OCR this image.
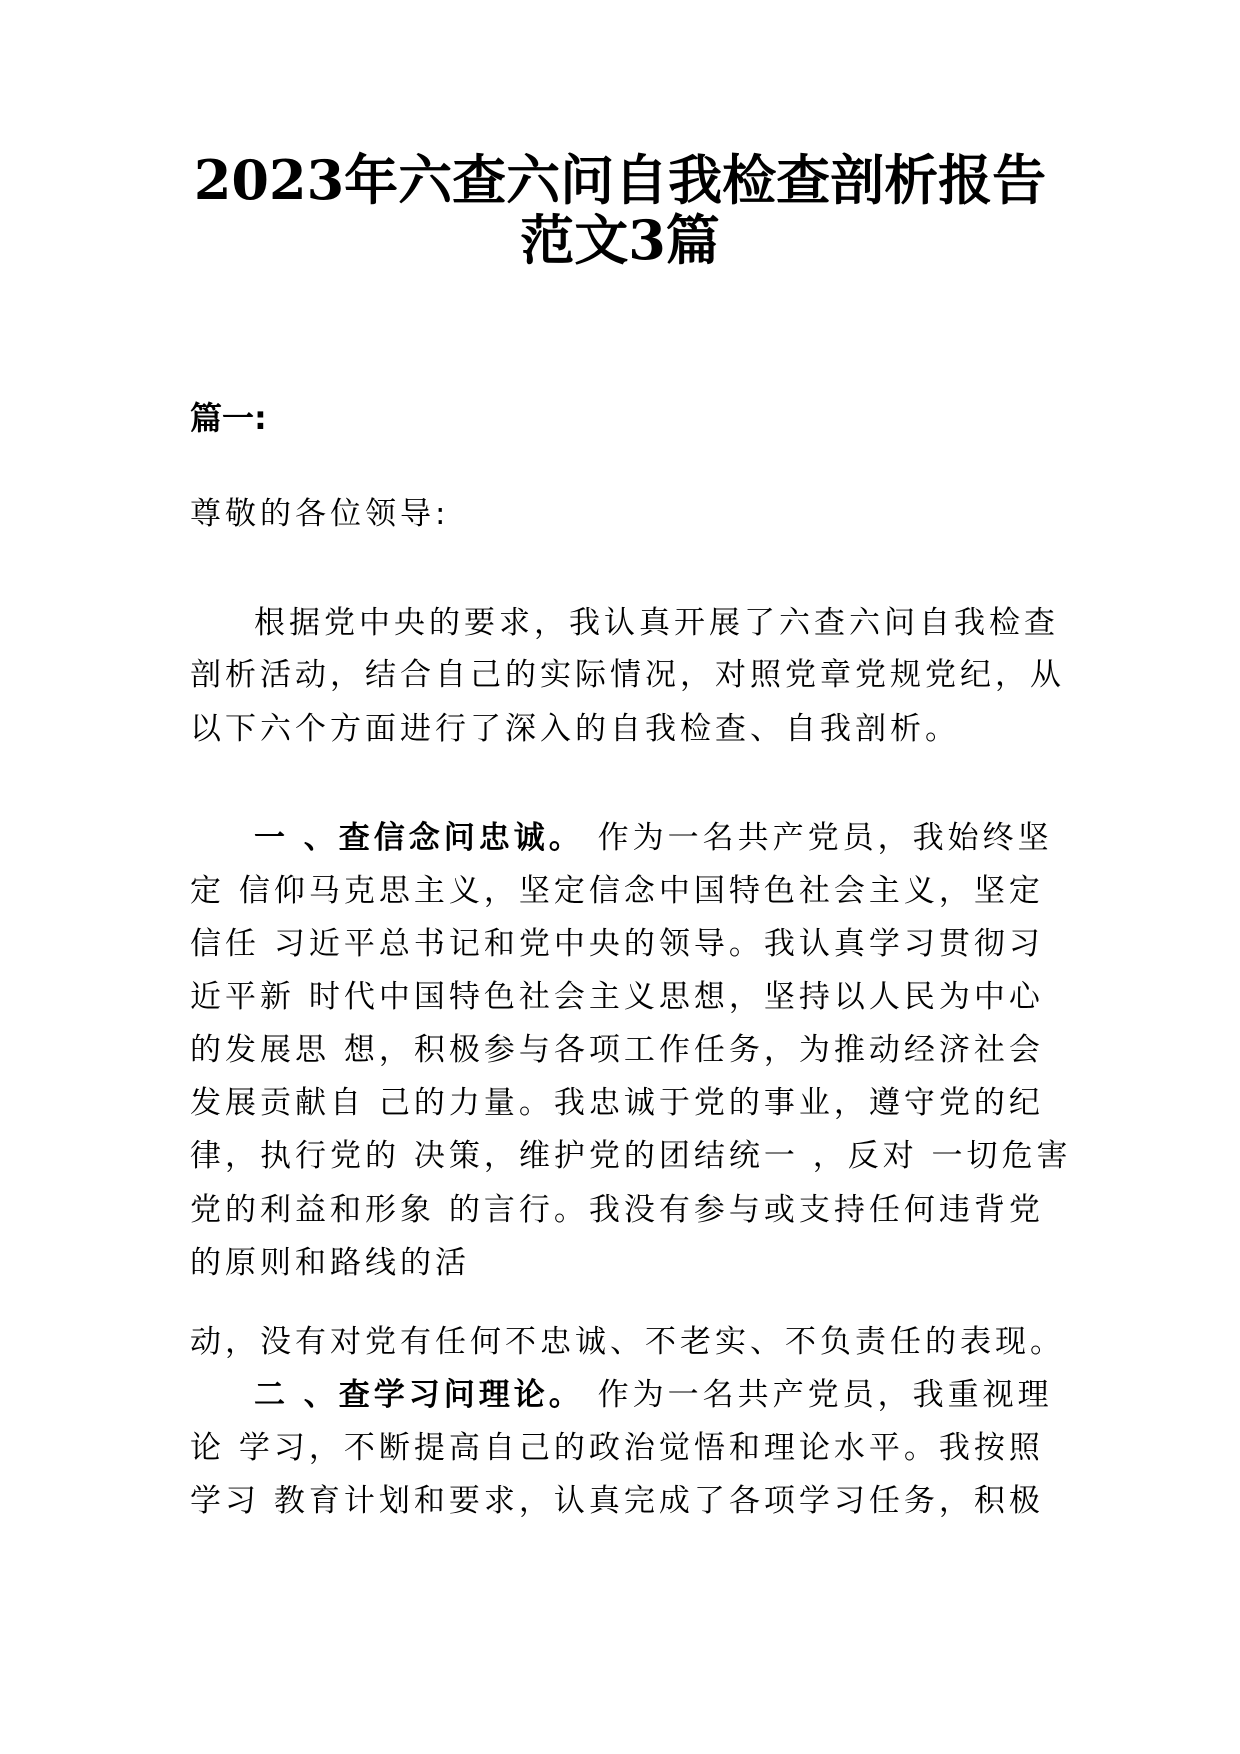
2023年六查六问自我检查剖析报告
范文3篇
篇一:

尊敬的各位领导:

根据党中央的要求，我认真开展了六查六问自我检查

剖析活动，结合自己的实际情况，对照党章党规党纪，从

以下六个方面进行了深入的自我检查、自我剖析。

一 、查信念问忠诚。 作为一名共产党员，我始终坚

定 信仰马克思主义，坚定信念中国特色社会主义，坚定

信任 习近平总书记和党中央的领导。我认真学习贯彻习

近平新 时代中国特色社会主义思想，坚持以人民为中心

的发展思 想，积极参与各项工作任务，为推动经济社会

发展贡献自 己的力量。我忠诚于党的事业，遵守党的纪

律，执行党的 决策，维护党的团结统一 ，反对 一切危害

党的利益和形象 的言行。我没有参与或支持任何违背党

的原则和路线的活

动，没有对党有任何不忠诚、不老实、不负责任的表现。

二 、查学习问理论。 作为一名共产党员，我重视理

论 学习，不断提高自己的政治觉悟和理论水平。我按照

学习 教育计划和要求，认真完成了各项学习任务，积极
